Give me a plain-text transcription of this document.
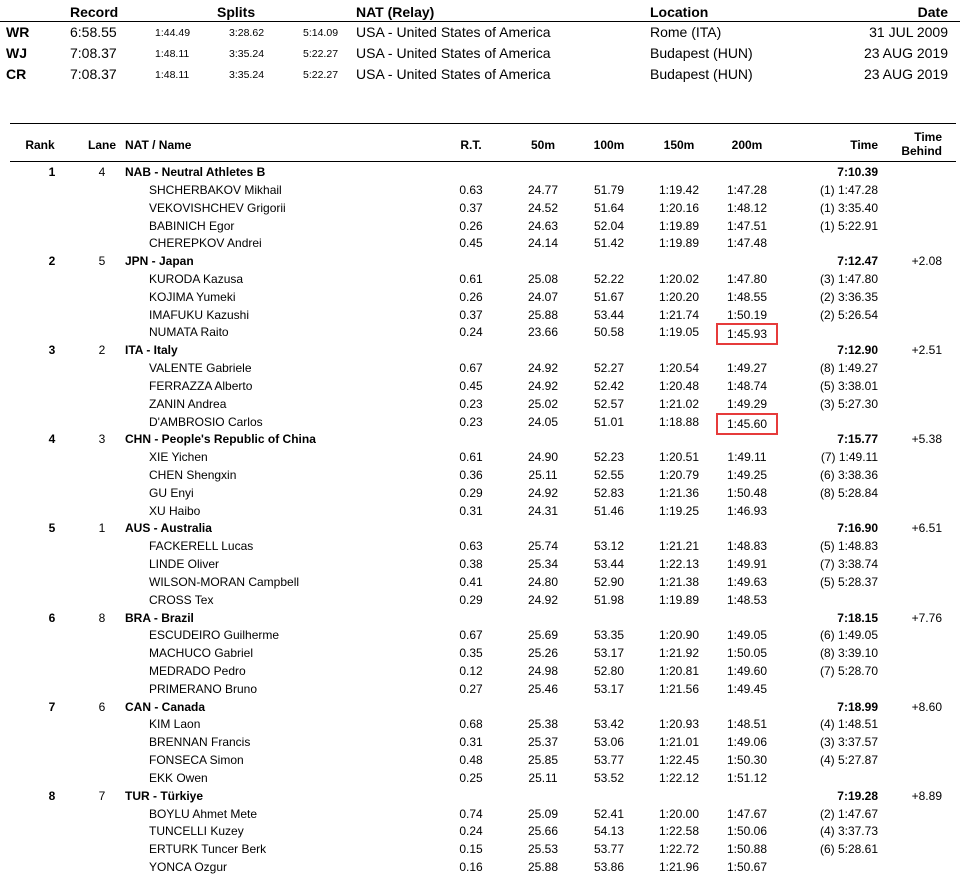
Record	Splits	NAT (Relay)	Location	Date
WR	6:58.55	1:44.49	3:28.62	5:14.09 USA - United States of America	Rome (ITA)	31 JUL 2009
WJ	7:08.37	1:48.11	3:35.24	5:22.27 USA - United States of America	Budapest (HUN)	23 AUG 2019
CR	7:08.37	1:48.11	3:35.24	5:22.27 USA - United States of America	Budapest (HUN)	23 AUG 2019
Rank	Lane NAT / Name	R.T.	50m	100m	150m	200m	Time
Time
Behind
1	4	NAB - Neutral Athletes B	7:10.39
SHCHERBAKOV Mikhail	0.63	24.77	51.79	1:19.42	1:47.28	(1) 1:47.28
VEKOVISHCHEV Grigorii	0.37	24.52	51.64	1:20.16	1:48.12	(1) 3:35.40
BABINICH Egor	0.26	24.63	52.04	1:19.89	1:47.51	(1) 5:22.91
CHEREPKOV Andrei	0.45	24.14	51.42	1:19.89	1:47.48
2	5	JPN - Japan	7:12.47	+2.08
KURODA Kazusa	0.61	25.08	52.22	1:20.02	1:47.80	(3) 1:47.80
KOJIMA Yumeki	0.26	24.07	51.67	1:20.20	1:48.55	(2) 3:36.35
IMAFUKU Kazushi	0.37	25.88	53.44	1:21.74	1:50.19	(2) 5:26.54
NUMATA Raito	0.24	23.66	50.58	1:19.05	1:45.93
3	2	ITA - Italy	7:12.90	+2.51
VALENTE Gabriele	0.67	24.92	52.27	1:20.54	1:49.27	(8) 1:49.27
FERRAZZA Alberto	0.45	24.92	52.42	1:20.48	1:48.74	(5) 3:38.01
ZANIN Andrea	0.23	25.02	52.57	1:21.02	1:49.29	(3) 5:27.30
D'AMBROSIO Carlos	0.23	24.05	51.01	1:18.88	1:45.60
4	3	CHN - People's Republic of China	7:15.77	+5.38
XIE Yichen	0.61	24.90	52.23	1:20.51	1:49.11	(7) 1:49.11
CHEN Shengxin	0.36	25.11	52.55	1:20.79	1:49.25	(6) 3:38.36
GU Enyi	0.29	24.92	52.83	1:21.36	1:50.48	(8) 5:28.84
XU Haibo	0.31	24.31	51.46	1:19.25	1:46.93
5	1	AUS - Australia	7:16.90	+6.51
FACKERELL Lucas	0.63	25.74	53.12	1:21.21	1:48.83	(5) 1:48.83
LINDE Oliver	0.38	25.34	53.44	1:22.13	1:49.91	(7) 3:38.74
WILSON-MORAN Campbell	0.41	24.80	52.90	1:21.38	1:49.63	(5) 5:28.37
CROSS Tex	0.29	24.92	51.98	1:19.89	1:48.53
6	8	BRA - Brazil	7:18.15	+7.76
ESCUDEIRO Guilherme	0.67	25.69	53.35	1:20.90	1:49.05	(6) 1:49.05
MACHUCO Gabriel	0.35	25.26	53.17	1:21.92	1:50.05	(8) 3:39.10
MEDRADO Pedro	0.12	24.98	52.80	1:20.81	1:49.60	(7) 5:28.70
PRIMERANO Bruno	0.27	25.46	53.17	1:21.56	1:49.45
7	6	CAN - Canada	7:18.99	+8.60
KIM Laon	0.68	25.38	53.42	1:20.93	1:48.51	(4) 1:48.51
BRENNAN Francis	0.31	25.37	53.06	1:21.01	1:49.06	(3) 3:37.57
FONSECA Simon	0.48	25.85	53.77	1:22.45	1:50.30	(4) 5:27.87
EKK Owen	0.25	25.11	53.52	1:22.12	1:51.12
8	7	TUR - Türkiye	7:19.28	+8.89
BOYLU Ahmet Mete	0.74	25.09	52.41	1:20.00	1:47.67	(2) 1:47.67
TUNCELLI Kuzey	0.24	25.66	54.13	1:22.58	1:50.06	(4) 3:37.73
ERTURK Tuncer Berk	0.15	25.53	53.77	1:22.72	1:50.88	(6) 5:28.61
YONCA Ozgur	0.16	25.88	53.86	1:21.96	1:50.67
